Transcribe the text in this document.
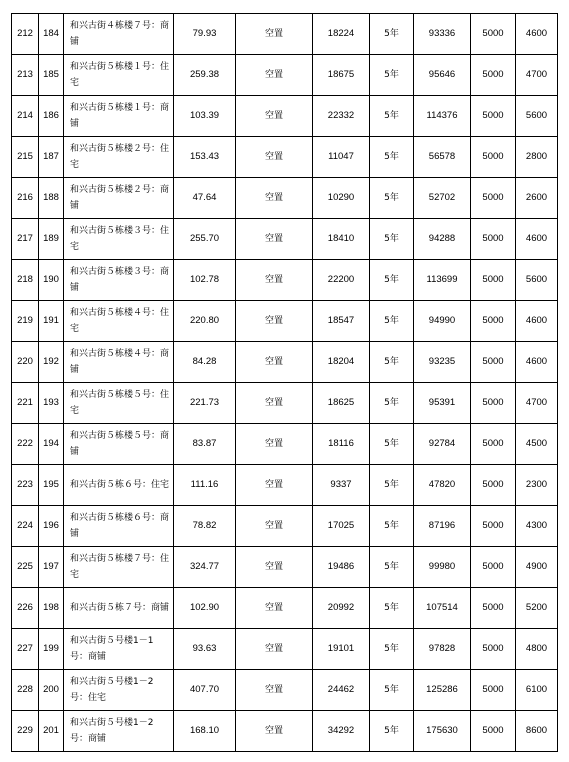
212	184	和兴古街４栋楼７号：商铺	79.93	空置	18224	5年	93336	5000	4600
213	185	和兴古街５栋楼１号：住宅	259.38	空置	18675	5年	95646	5000	4700
214	186	和兴古街５栋楼１号：商铺	103.39	空置	22332	5年	114376	5000	5600
215	187	和兴古街５栋楼２号：住宅	153.43	空置	11047	5年	56578	5000	2800
216	188	和兴古街５栋楼２号：商铺	47.64	空置	10290	5年	52702	5000	2600
217	189	和兴古街５栋楼３号：住宅	255.70	空置	18410	5年	94288	5000	4600
218	190	和兴古街５栋楼３号：商铺	102.78	空置	22200	5年	113699	5000	5600
219	191	和兴古街５栋楼４号：住宅	220.80	空置	18547	5年	94990	5000	4600
220	192	和兴古街５栋楼４号：商铺	84.28	空置	18204	5年	93235	5000	4600
221	193	和兴古街５栋楼５号：住宅	221.73	空置	18625	5年	95391	5000	4700
222	194	和兴古街５栋楼５号：商铺	83.87	空置	18116	5年	92784	5000	4500
223	195	和兴古街５栋６号：住宅	111.16	空置	9337	5年	47820	5000	2300
224	196	和兴古街５栋楼６号：商铺	78.82	空置	17025	5年	87196	5000	4300
225	197	和兴古街５栋楼７号：住宅	324.77	空置	19486	5年	99980	5000	4900
226	198	和兴古街５栋７号：商铺	102.90	空置	20992	5年	107514	5000	5200
227	199	和兴古街５号楼1－1号：商铺	93.63	空置	19101	5年	97828	5000	4800
228	200	和兴古街５号楼1－2号：住宅	407.70	空置	24462	5年	125286	5000	6100
229	201	和兴古街５号楼1－2号：商铺	168.10	空置	34292	5年	175630	5000	8600
